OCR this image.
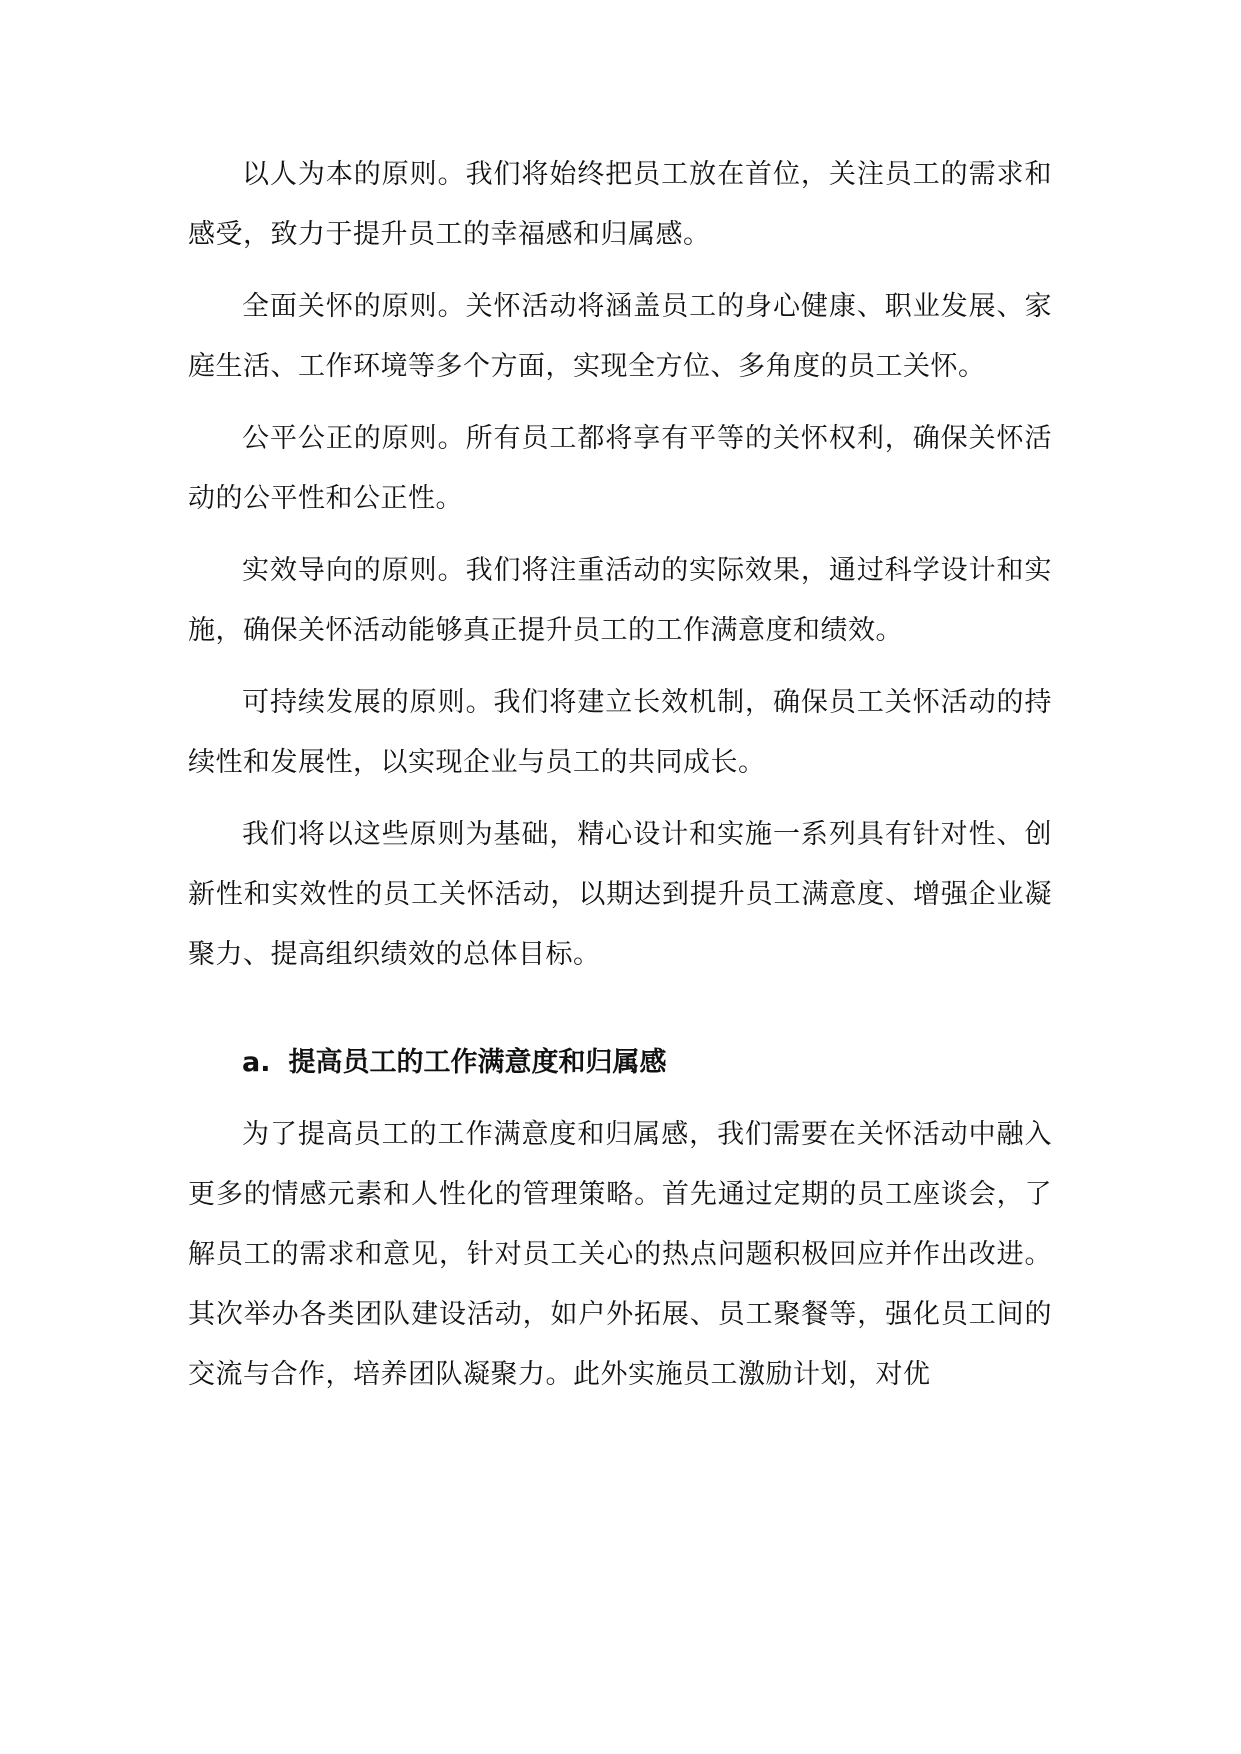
以人为本的原则。我们将始终把员工放在首位，关注员工的需求和感受，致力于提升员工的幸福感和归属感。

全面关怀的原则。关怀活动将涵盖员工的身心健康、职业发展、家庭生活、工作环境等多个方面，实现全方位、多角度的员工关怀。

公平公正的原则。所有员工都将享有平等的关怀权利，确保关怀活动的公平性和公正性。

实效导向的原则。我们将注重活动的实际效果，通过科学设计和实施，确保关怀活动能够真正提升员工的工作满意度和绩效。

可持续发展的原则。我们将建立长效机制，确保员工关怀活动的持续性和发展性，以实现企业与员工的共同成长。

我们将以这些原则为基础，精心设计和实施一系列具有针对性、创新性和实效性的员工关怀活动，以期达到提升员工满意度、增强企业凝聚力、提高组织绩效的总体目标。

a. 提高员工的工作满意度和归属感

为了提高员工的工作满意度和归属感，我们需要在关怀活动中融入更多的情感元素和人性化的管理策略。首先通过定期的员工座谈会，了解员工的需求和意见，针对员工关心的热点问题积极回应并作出改进。其次举办各类团队建设活动，如户外拓展、员工聚餐等，强化员工间的交流与合作，培养团队凝聚力。此外实施员工激励计划，对优
